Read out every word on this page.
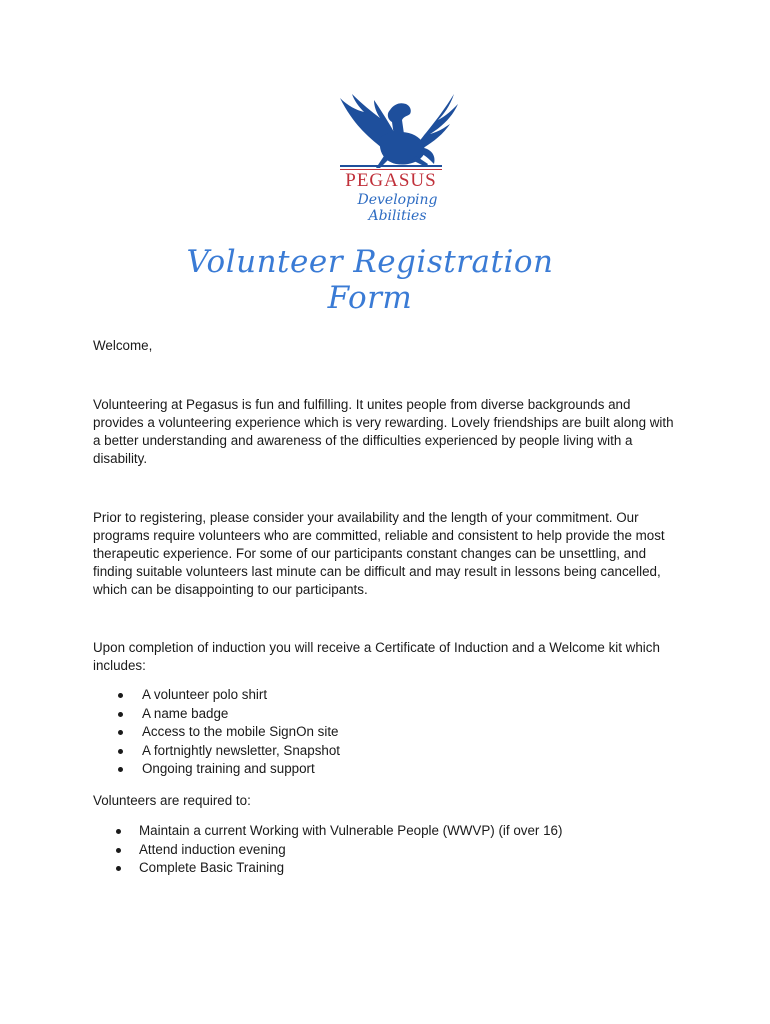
PEGASUS
Developing Abilities
Volunteer Registration Form

Welcome,

Volunteering at Pegasus is fun and fulfilling. It unites people from diverse backgrounds and provides a volunteering experience which is very rewarding. Lovely friendships are built along with a better understanding and awareness of the difficulties experienced by people living with a disability.

Prior to registering, please consider your availability and the length of your commitment. Our programs require volunteers who are committed, reliable and consistent to help provide the most therapeutic experience. For some of our participants constant changes can be unsettling, and finding suitable volunteers last minute can be difficult and may result in lessons being cancelled, which can be disappointing to our participants.

Upon completion of induction you will receive a Certificate of Induction and a Welcome kit which includes:

A volunteer polo shirt
A name badge
Access to the mobile SignOn site
A fortnightly newsletter, Snapshot
Ongoing training and support

Volunteers are required to:

Maintain a current Working with Vulnerable People (WWVP) (if over 16)
Attend induction evening
Complete Basic Training
